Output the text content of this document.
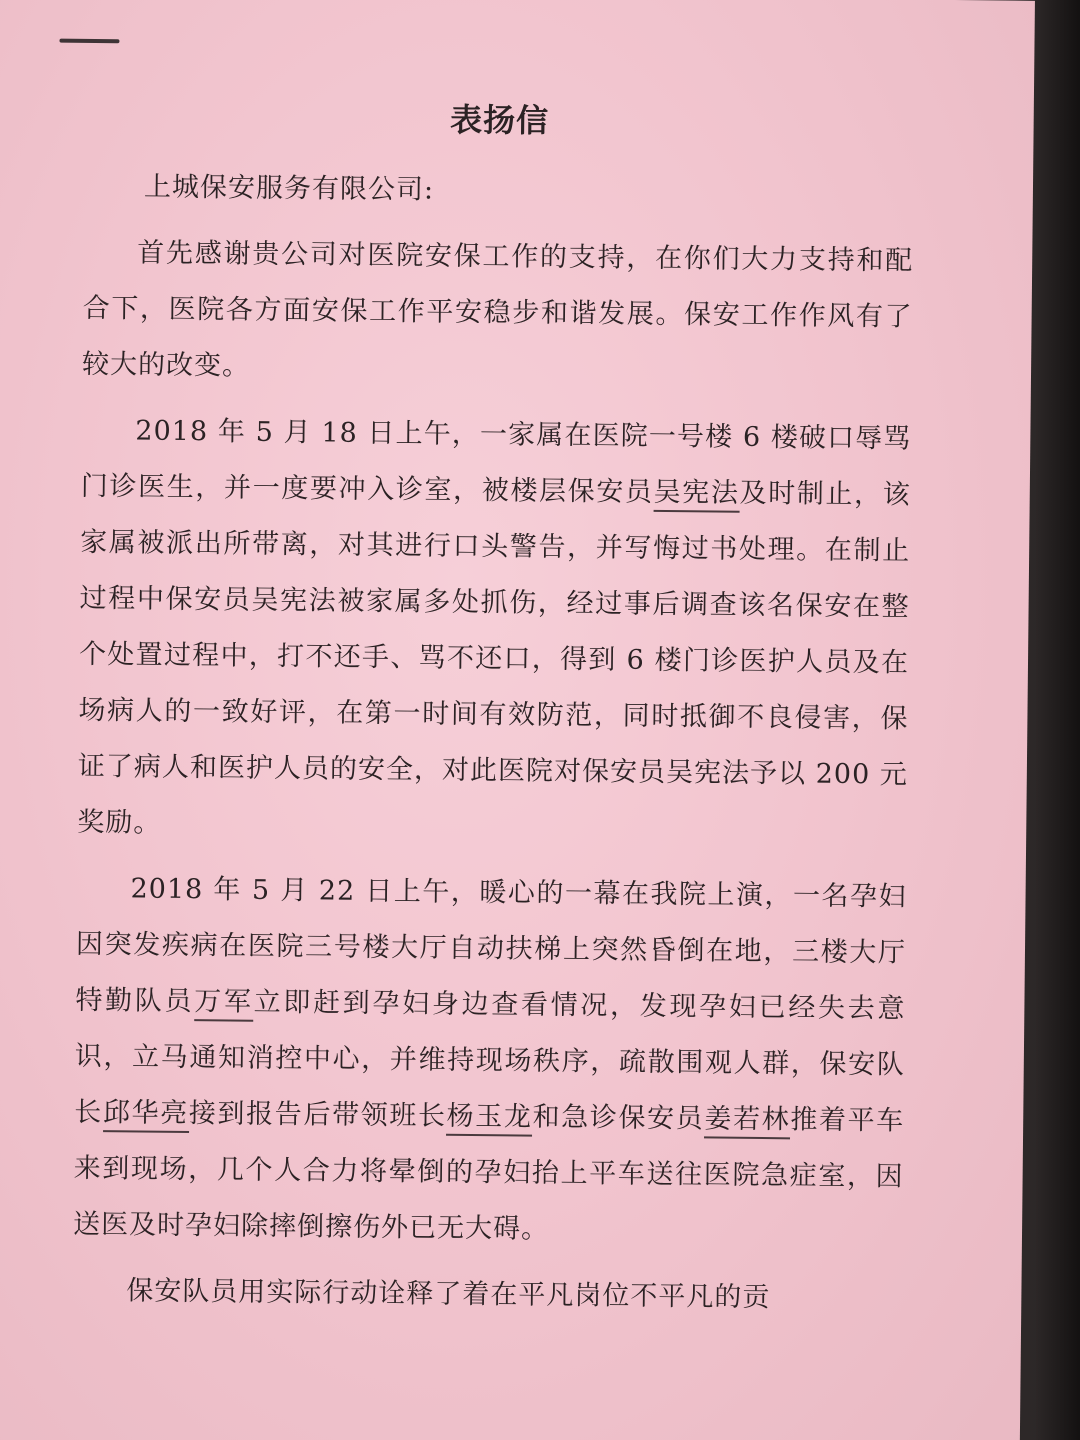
表扬信
上城保安服务有限公司:
首先感谢贵公司对医院安保工作的支持，在你们大力支持和配合下，医院各方面安保工作平安稳步和谐发展。保安工作作风有了较大的改变。
2018 年 5 月 18 日上午，一家属在医院一号楼 6 楼破口辱骂门诊医生，并一度要冲入诊室，被楼层保安员吴宪法及时制止，该家属被派出所带离，对其进行口头警告，并写悔过书处理。在制止过程中保安员吴宪法被家属多处抓伤，经过事后调查该名保安在整个处置过程中，打不还手、骂不还口，得到 6 楼门诊医护人员及在场病人的一致好评，在第一时间有效防范，同时抵御不良侵害，保证了病人和医护人员的安全，对此医院对保安员吴宪法予以 200 元奖励。
2018 年 5 月 22 日上午，暖心的一幕在我院上演，一名孕妇因突发疾病在医院三号楼大厅自动扶梯上突然昏倒在地，三楼大厅特勤队员万军立即赶到孕妇身边查看情况，发现孕妇已经失去意识，立马通知消控中心，并维持现场秩序，疏散围观人群，保安队长邱华亮接到报告后带领班长杨玉龙和急诊保安员姜若林推着平车来到现场，几个人合力将晕倒的孕妇抬上平车送往医院急症室，因送医及时孕妇除摔倒擦伤外已无大碍。
保安队员用实际行动诠释了着在平凡岗位不平凡的贡
